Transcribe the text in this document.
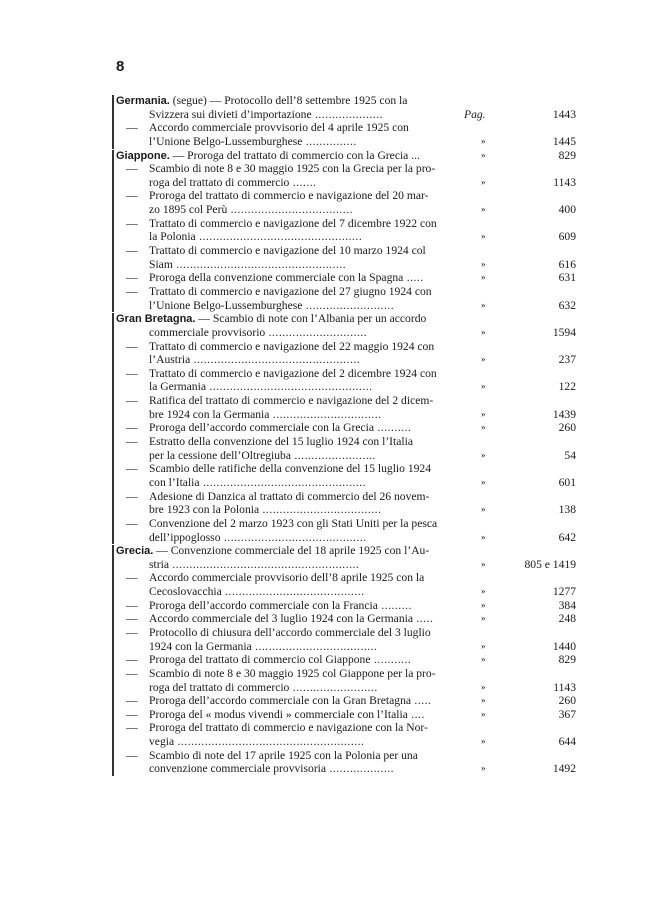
8
Germania. (segue) — Protocollo dell’8 settembre 1925 con la
Svizzera sui divieti d’importazione ....................	Pag.	1443
— Accordo commerciale provvisorio del 4 aprile 1925 con
l’Unione Belgo-Lussemburghese ...............	»	1445
Giappone. — Proroga del trattato di commercio con la Grecia ...	»	829
— Scambio di note 8 e 30 maggio 1925 con la Grecia per la pro-
roga del trattato di commercio .......	»	1143
— Proroga del trattato di commercio e navigazione del 20 mar-
zo 1895 col Perù ....................................	»	400
— Trattato di commercio e navigazione del 7 dicembre 1922 con
la Polonia ................................................	»	609
— Trattato di commercio e navigazione del 10 marzo 1924 col
Siam ..................................................	»	616
— Proroga della convenzione commerciale con la Spagna .....	»	631
— Trattato di commercio e navigazione del 27 giugno 1924 con
l’Unione Belgo-Lussemburghese ..........................	»	632
Gran Bretagna. — Scambio di note con l’Albania per un accordo
commerciale provvisorio .............................	»	1594
— Trattato di commercio e navigazione del 22 maggio 1924 con
l’Austria .................................................	»	237
— Trattato di commercio e navigazione del 2 dicembre 1924 con
la Germania ................................................	»	122
— Ratifica del trattato di commercio e navigazione del 2 dicem-
bre 1924 con la Germania ................................	»	1439
— Proroga dell’accordo commerciale con la Grecia ..........	»	260
— Estratto della convenzione del 15 luglio 1924 con l’Italia
per la cessione dell’Oltregiuba ........................	»	54
— Scambio delle ratifiche della convenzione del 15 luglio 1924
con l’Italia ................................................	»	601
— Adesione di Danzica al trattato di commercio del 26 novem-
bre 1923 con la Polonia ...................................	»	138
— Convenzione del 2 marzo 1923 con gli Stati Uniti per la pesca
dell’ippoglosso ..........................................	»	642
Grecia. — Convenzione commerciale del 18 aprile 1925 con l’Au-
stria .......................................................	»	805 e 1419
— Accordo commerciale provvisorio dell’8 aprile 1925 con la
Cecoslovacchia .........................................	»	1277
— Proroga dell’accordo commerciale con la Francia .........	»	384
— Accordo commerciale del 3 luglio 1924 con la Germania .....	»	248
— Protocollo di chiusura dell’accordo commerciale del 3 luglio
1924 con la Germania ....................................	»	1440
— Proroga del trattato di commercio col Giappone ...........	»	829
— Scambio di note 8 e 30 maggio 1925 col Giappone per la pro-
roga del trattato di commercio .........................	»	1143
— Proroga dell’accordo commerciale con la Gran Bretagna .....	»	260
— Proroga del « modus vivendi » commerciale con l’Italia ....	»	367
— Proroga del trattato di commercio e navigazione con la Nor-
vegia .......................................................	»	644
— Scambio di note del 17 aprile 1925 con la Polonia per una
convenzione commerciale provvisoria ...................	»	1492
